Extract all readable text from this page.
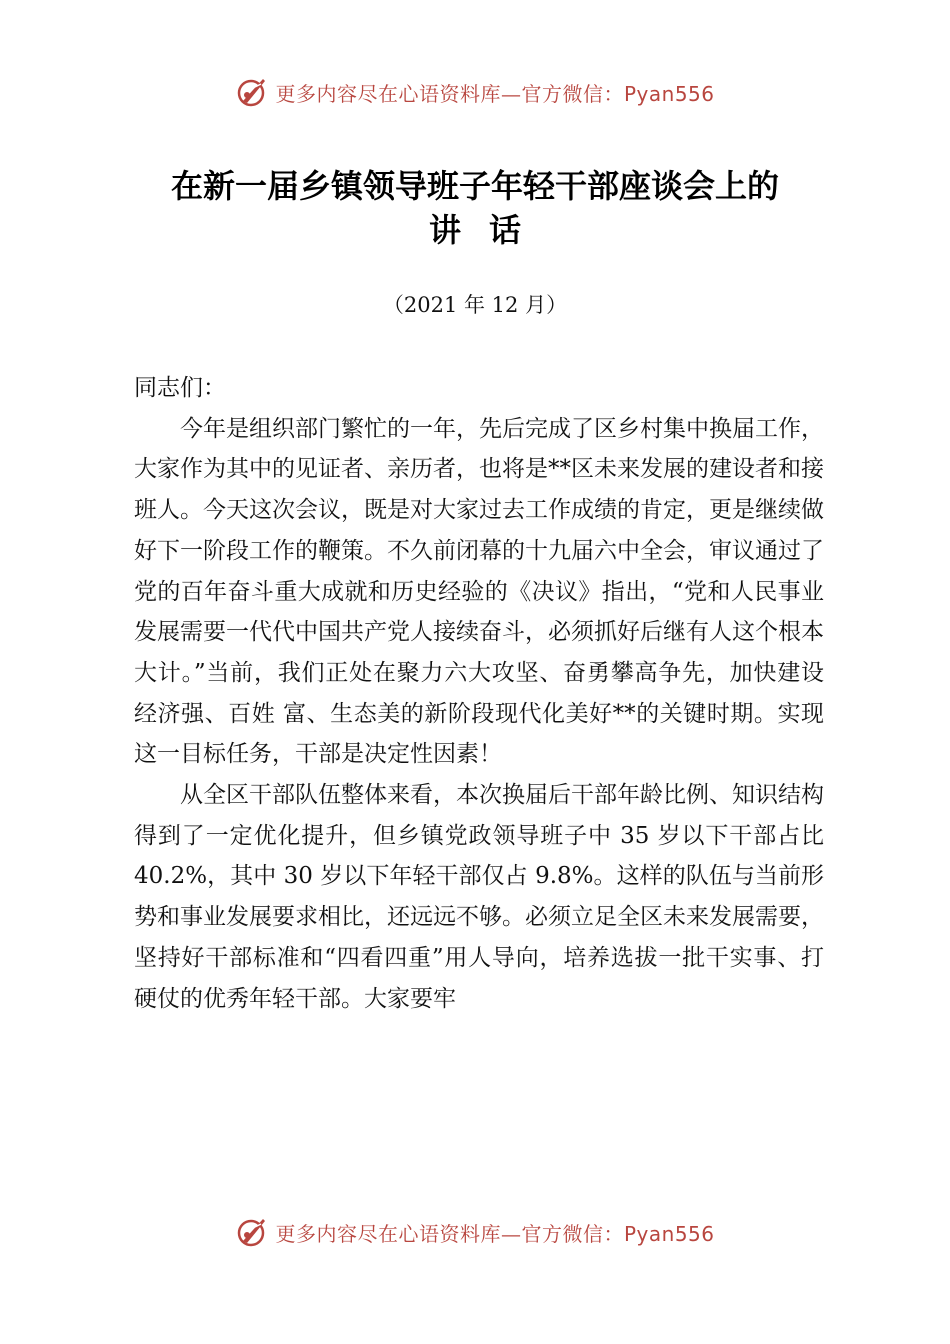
更多内容尽在心语资料库—官方微信：Pyan556
在新一届乡镇领导班子年轻干部座谈会上的
讲话
（2021 年 12 月）

同志们：

今年是组织部门繁忙的一年，先后完成了区乡村集中换届工作，大家作为其中的见证者、亲历者，也将是**区未来发展的建设者和接班人。今天这次会议，既是对大家过去工作成绩的肯定，更是继续做好下一阶段工作的鞭策。不久前闭幕的十九届六中全会，审议通过了党的百年奋斗重大成就和历史经验的《决议》指出，“党和人民事业发展需要一代代中国共产党人接续奋斗，必须抓好后继有人这个根本大计。”当前，我们正处在聚力六大攻坚、奋勇攀高争先，加快建设经济强、百姓 富、生态美的新阶段现代化美好**的关键时期。实现这一目标任务，干部是决定性因素！

从全区干部队伍整体来看，本次换届后干部年龄比例、知识结构得到了一定优化提升，但乡镇党政领导班子中 35 岁以下干部占比 40.2%，其中 30 岁以下年轻干部仅占 9.8%。这样的队伍与当前形势和事业发展要求相比，还远远不够。必须立足全区未来发展需要，坚持好干部标准和“四看四重”用人导向，培养选拔一批干实事、打硬仗的优秀年轻干部。大家要牢

更多内容尽在心语资料库—官方微信：Pyan556
